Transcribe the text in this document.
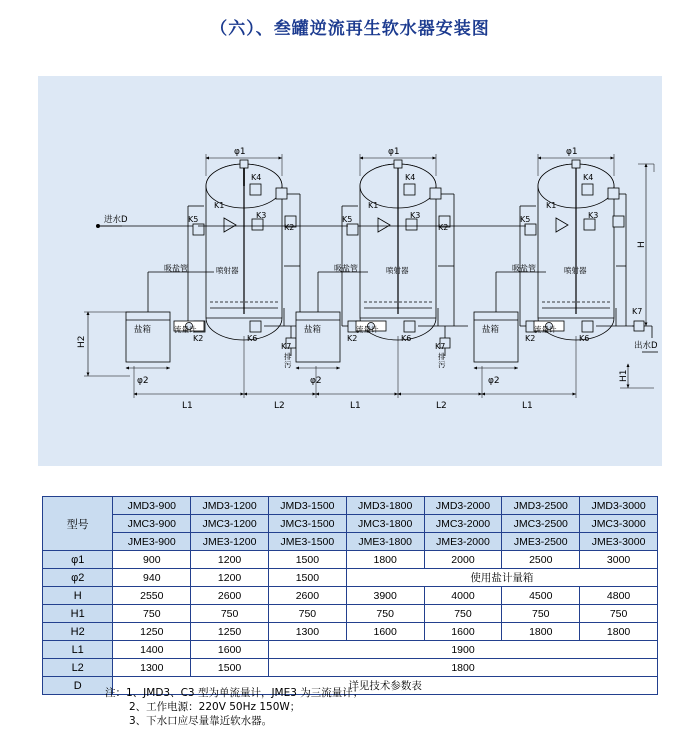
（六）、叁罐逆流再生软水器安装图
φ1	φ1	φ1
φ2	φ2	φ2
进水D
出水D
盐箱	盐箱	盐箱
吸盐管	吸盐管	吸盐管
喷射器	喷射器	喷射器
流量计	流量计	流量计
排
污
排
污
K4
K1
K5	K3
K2
K2	K6
K7
K4
K1
K5	K3
K2
K2	K6
K7
K4
K1
K5	K3
K2	K6
K7
L1	L2	L1	L2	L1
H2
H
H1
型号	JMD3-900	JMD3-1200	JMD3-1500	JMD3-1800	JMD3-2000	JMD3-2500	JMD3-3000
	JMC3-900	JMC3-1200	JMC3-1500	JMC3-1800	JMC3-2000	JMC3-2500	JMC3-3000
	JME3-900	JME3-1200	JME3-1500	JME3-1800	JME3-2000	JME3-2500	JME3-3000
φ1	900	1200	1500	1800	2000	2500	3000
φ2	940	1200	1500	使用盐计量箱			
H	2550	2600	2600	3900	4000	4500	4800
H1	750	750	750	750	750	750	750
H2	1250	1250	1300	1600	1600	1800	1800
L1	1400	1600	1900				
L2	1300	1500	1800				
D	详见技术参数表						
注：1、JMD3、C3 型为单流量计，JME3 为三流量计；
2、工作电源：220V 50Hz 150W；
3、下水口应尽量靠近软水器。
